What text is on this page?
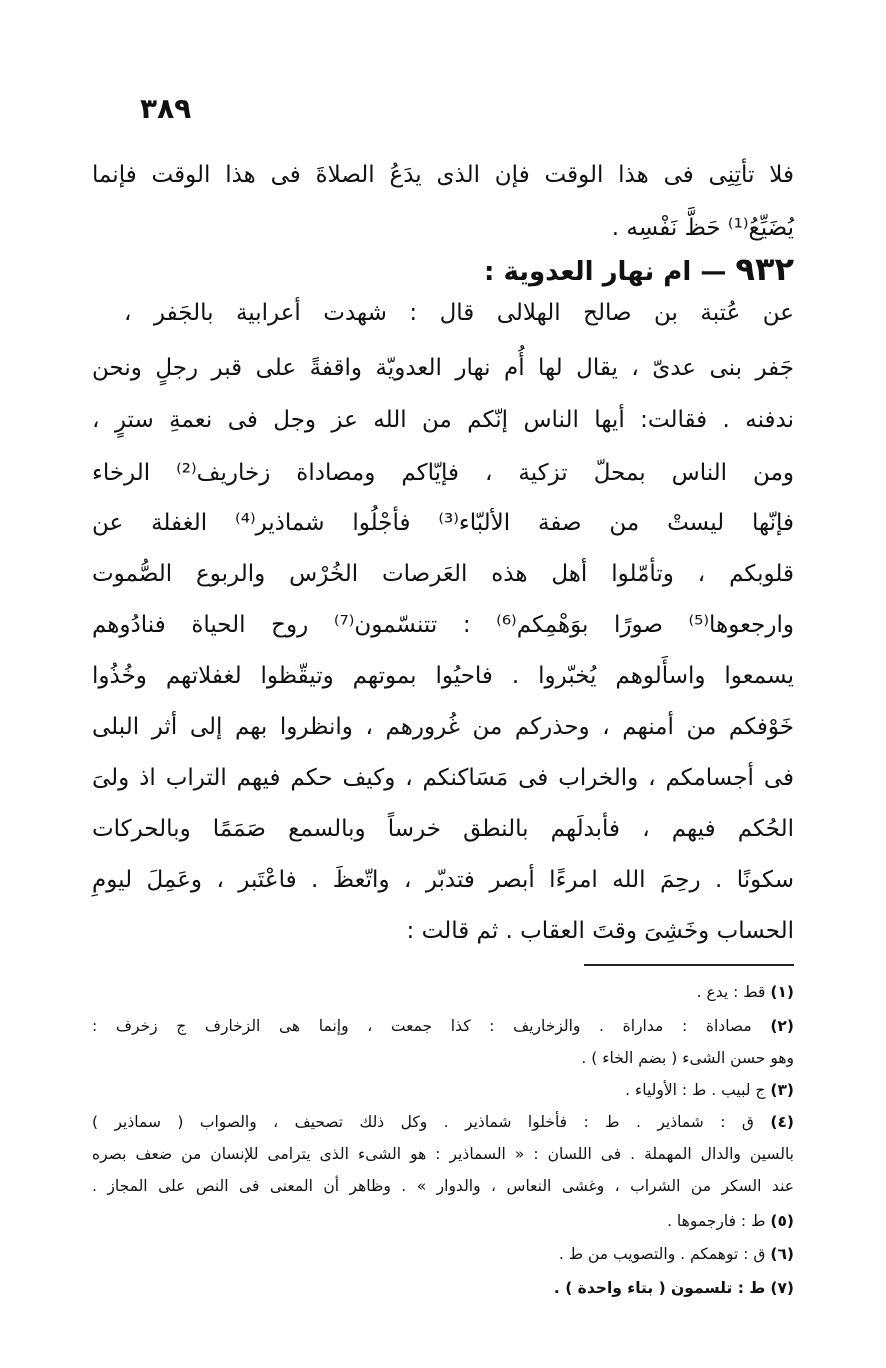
٣٨٩
فلا تأتِنِى فى هذا الوقت فإن الذى يدَعُ الصلاةَ فى هذا الوقت فإنما
يُضَيِّعُ⁽¹⁾ حَظَّ نَفْسِه .
٩٣٢ — ام نهار العدوية :
عن عُتبة بن صالح الهلالى قال : شهدت أعرابية بالجَفر ،
جَفر بنى عدىّ ، يقال لها أُم نهار العدويّة واقفةً على قبر رجلٍ ونحن
ندفنه . فقالت: أيها الناس إنّكم من الله عز وجل فى نعمةِ سترٍ ،
ومن الناس بمحلّ تزكية ، فإيّاكم ومصاداة زخاريف⁽²⁾ الرخاء
فإنّها ليستْ من صفة الألبّاء⁽³⁾ فأجْلُوا شماذير⁽⁴⁾ الغفلة عن
قلوبكم ، وتأمّلوا أهل هذه العَرصات الخُرْس والربوع الصُّموت
وارجعوها⁽⁵⁾ صورًا بوَهْمِكم⁽⁶⁾ : تتنسّمون⁽⁷⁾ روح الحياة فنادُوهم
يسمعوا واسأَلوهم يُخبّروا . فاحيُوا بموتهم وتيقّظوا لغفلاتهم وخُذُوا
خَوْفكم من أمنهم ، وحذركم من غُرورهم ، وانظروا بهم إلى أثر البلى
فى أجسامكم ، والخراب فى مَسَاكنكم ، وكيف حكم فيهم التراب اذ ولىَ
الحُكم فيهم ، فأبدلَهم بالنطق خرساً وبالسمع صَمَمًا وبالحركات
سكونًا . رحِمَ الله امرءًا أبصر فتدبّر ، واتّعظَ . فاعْتَبر ، وعَمِلَ ليومِ
الحساب وخَشِىَ وقتَ العقاب . ثم قالت :
(١) قط : يدع .
(٢) مصاداة : مداراة . والزخاريف : كذا جمعت ، وإنما هى الزخارف ج زخرف :
وهو حسن الشىء ( بضم الخاء ) .
(٣) ج لبيب . ط : الأولياء .
(٤) ق : شماذير . ط : فأخلوا شماذير . وكل ذلك تصحيف ، والصواب ( سماذير )
بالسين والدال المهملة . فى اللسان : « السماذير : هو الشىء الذى يترامى للإنسان من ضعف بصره
عند السكر من الشراب ، وغشى النعاس ، والدوار » . وظاهر أن المعنى فى النص على المجاز .
(٥) ط : فارجموها .
(٦) ق : توهمكم . والتصويب من ط .
(٧) ط : تلسمون ( بتاء واحدة ) .
